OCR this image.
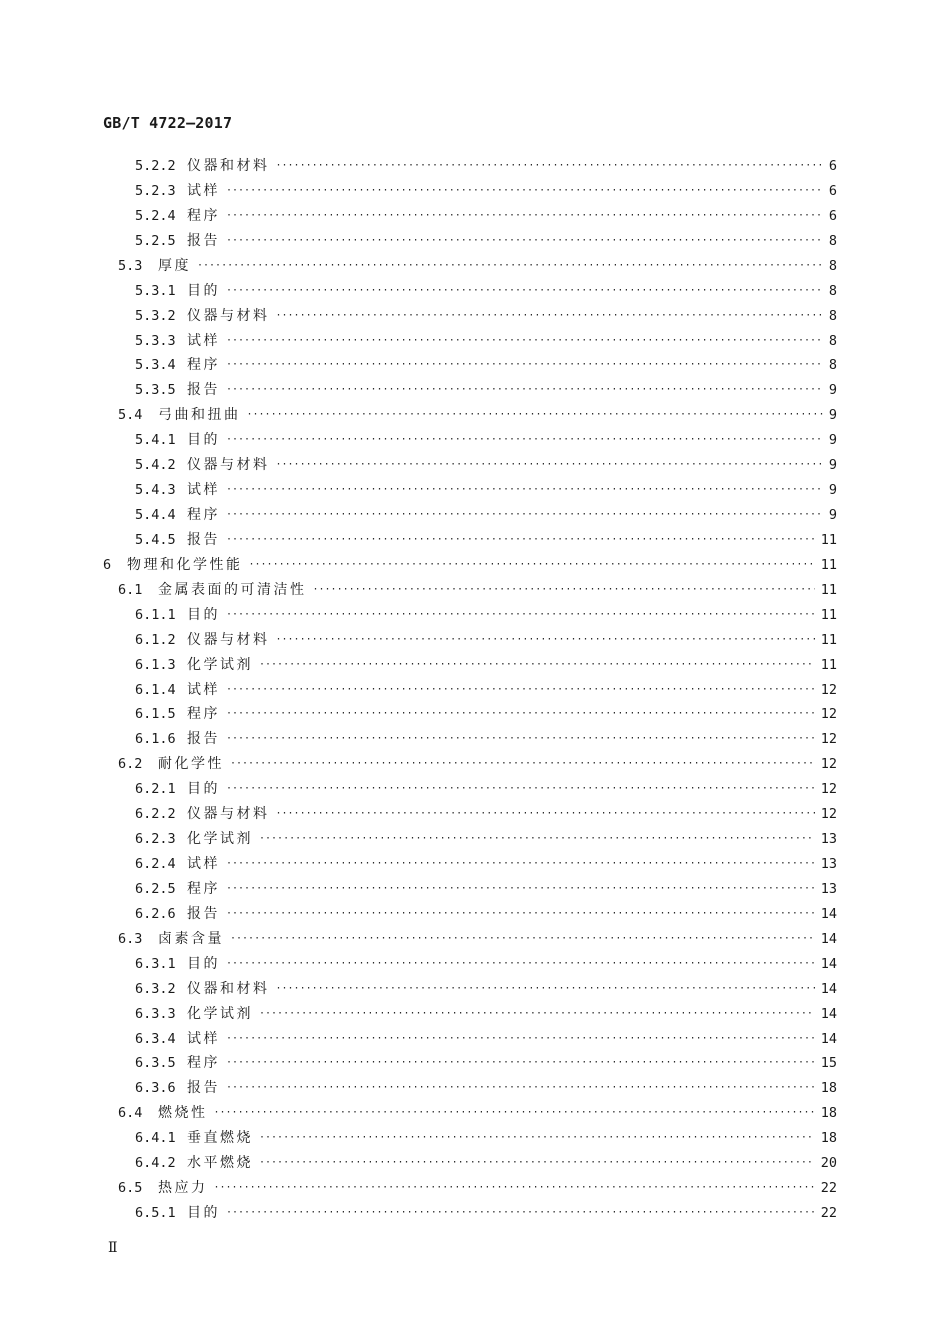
GB/T 4722—2017
5.2.2 仪器和材料 ·····	6
5.2.3 试样 ·····	6
5.2.4 程序 ·····	6
5.2.5 报告 ·····	8
5.3	厚度 ·····	8
5.3.1 目的 ·····	8
5.3.2 仪器与材料 ·····	8
5.3.3 试样 ·····	8
5.3.4 程序 ·····	8
5.3.5 报告 ·····	9
5.4	弓曲和扭曲 ·····	9
5.4.1 目的 ·····	9
5.4.2 仪器与材料 ·····	9
5.4.3 试样 ·····	9
5.4.4 程序 ·····	9
5.4.5 报告 ·····	11
6	物理和化学性能 ·····	11
6.1	金属表面的可清洁性 ·····	11
6.1.1 目的 ·····	11
6.1.2 仪器与材料 ·····	11
6.1.3 化学试剂 ·····	11
6.1.4 试样 ·····	12
6.1.5 程序 ·····	12
6.1.6 报告 ·····	12
6.2	耐化学性 ·····	12
6.2.1 目的 ·····	12
6.2.2 仪器与材料 ·····	12
6.2.3 化学试剂 ·····	13
6.2.4 试样 ·····	13
6.2.5 程序 ·····	13
6.2.6 报告 ·····	14
6.3	卤素含量 ·····	14
6.3.1 目的 ·····	14
6.3.2 仪器和材料 ·····	14
6.3.3 化学试剂 ·····	14
6.3.4 试样 ·····	14
6.3.5 程序 ·····	15
6.3.6 报告 ·····	18
6.4	燃烧性 ·····	18
6.4.1 垂直燃烧 ·····	18
6.4.2 水平燃烧 ·····	20
6.5	热应力 ·····	22
6.5.1 目的 ·····	22
Ⅱ
